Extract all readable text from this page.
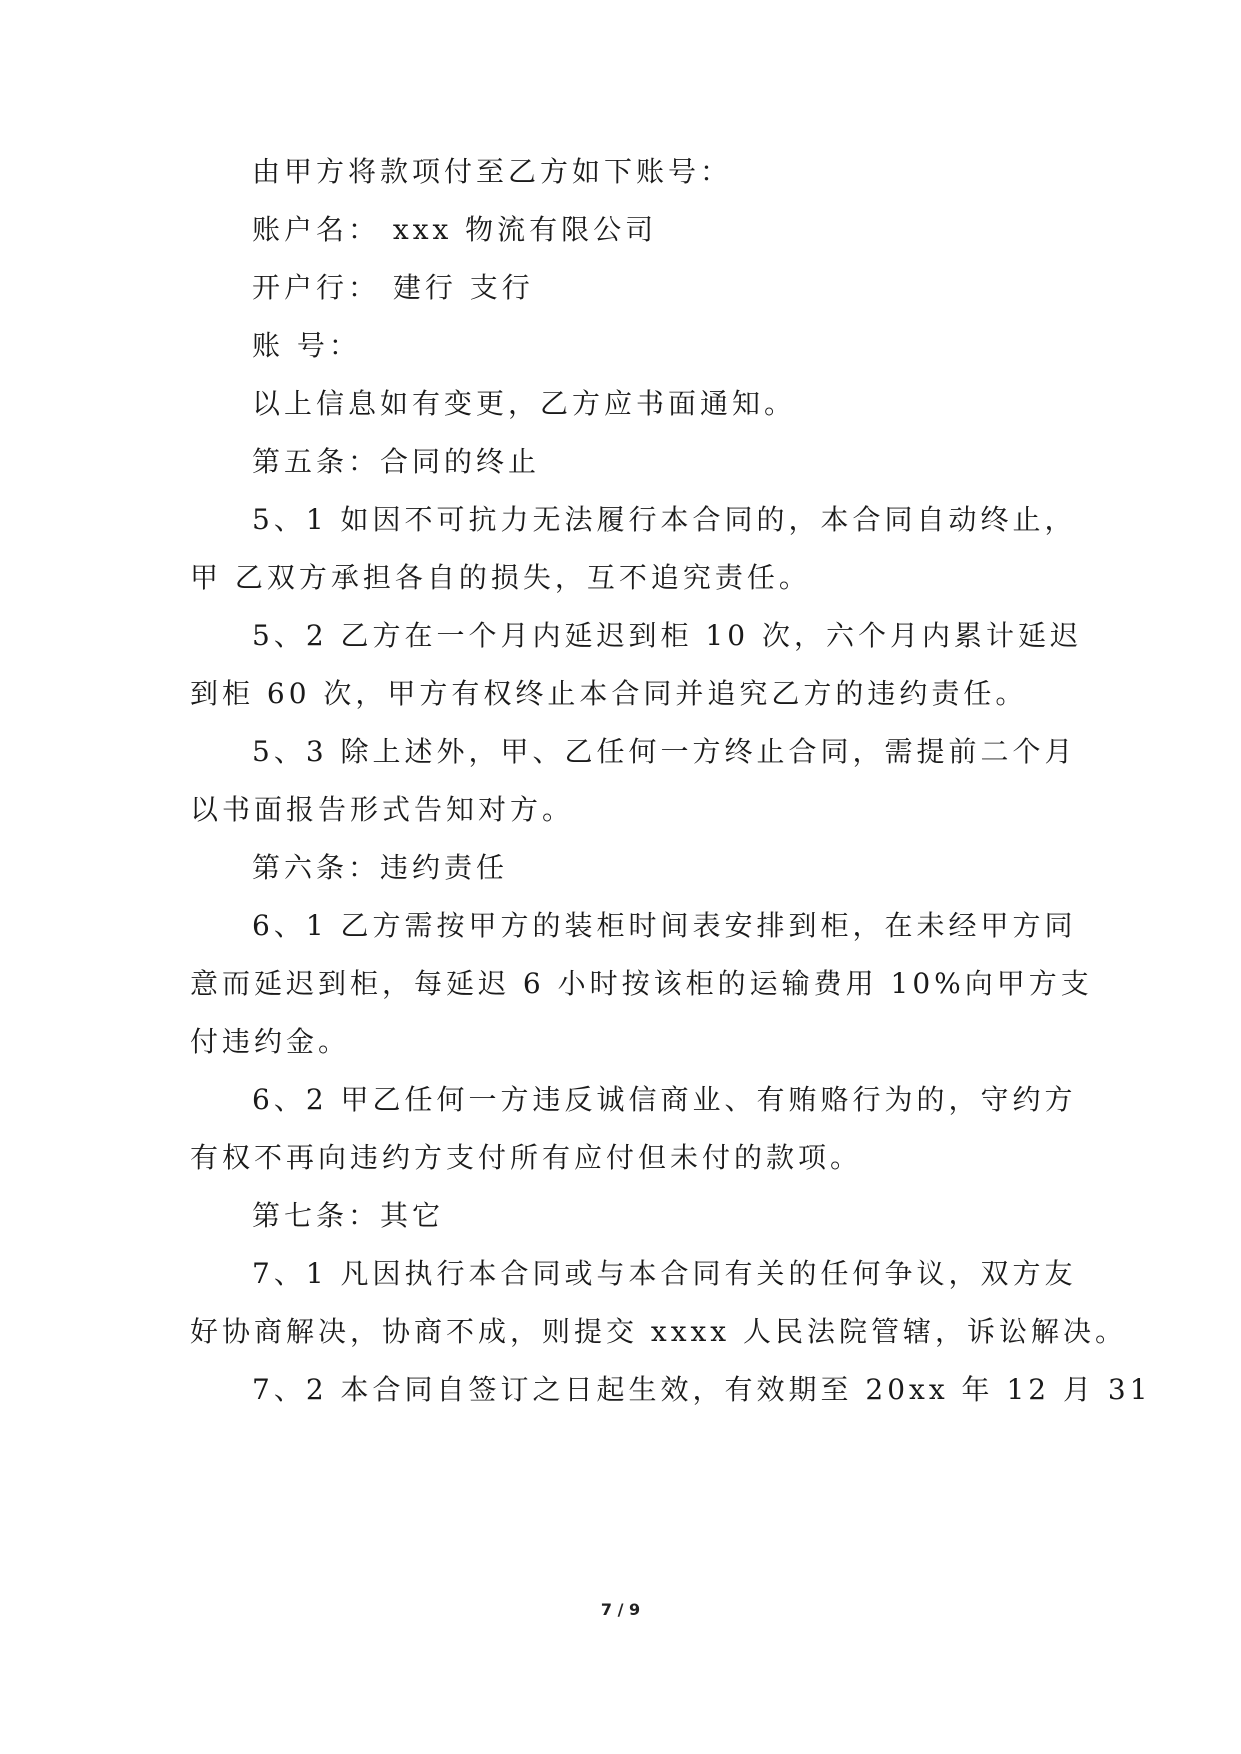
由甲方将款项付至乙方如下账号：
账户名： xxx 物流有限公司
开户行： 建行 支行
账 号：
以上信息如有变更，乙方应书面通知。
第五条：合同的终止
5、1 如因不可抗力无法履行本合同的，本合同自动终止，
甲 乙双方承担各自的损失，互不追究责任。
5、2 乙方在一个月内延迟到柜 10 次，六个月内累计延迟
到柜 60 次，甲方有权终止本合同并追究乙方的违约责任。
5、3 除上述外，甲、乙任何一方终止合同，需提前二个月
以书面报告形式告知对方。
第六条：违约责任
6、1 乙方需按甲方的装柜时间表安排到柜，在未经甲方同
意而延迟到柜，每延迟 6 小时按该柜的运输费用 10%向甲方支
付违约金。
6、2 甲乙任何一方违反诚信商业、有贿赂行为的，守约方
有权不再向违约方支付所有应付但未付的款项。
第七条：其它
7、1 凡因执行本合同或与本合同有关的任何争议，双方友
好协商解决，协商不成，则提交 xxxx 人民法院管辖，诉讼解决。
7、2 本合同自签订之日起生效，有效期至 20xx 年 12 月 31
7 / 9
